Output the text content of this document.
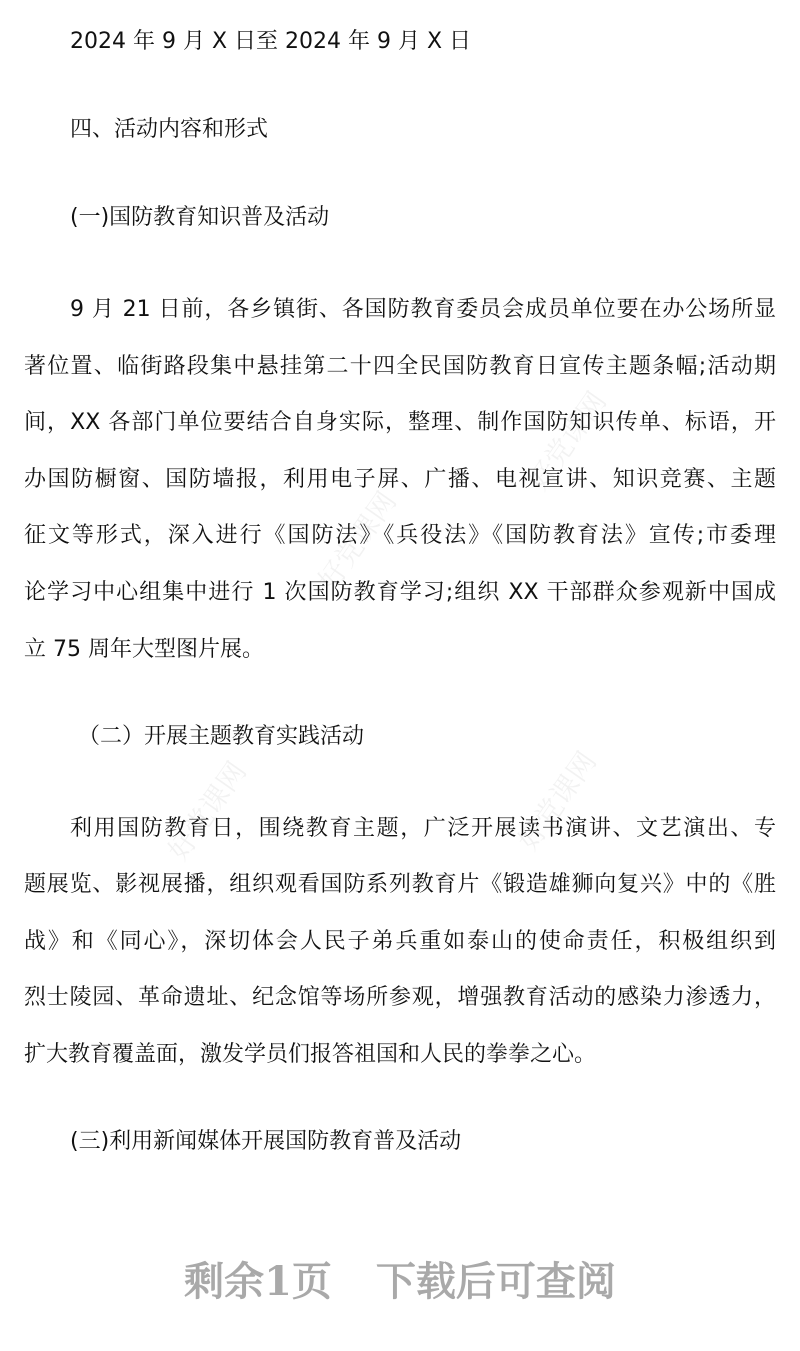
好党课网
好党课网
好党课网	好党课网
2024 年 9 月 X 日至 2024 年 9 月 X 日
四、活动内容和形式
(一)国防教育知识普及活动
9 月 21 日前，各乡镇街、各国防教育委员会成员单位要在办公场所显
著位置、临街路段集中悬挂第二十四全民国防教育日宣传主题条幅;活动期
间，XX 各部门单位要结合自身实际，整理、制作国防知识传单、标语，开
办国防橱窗、国防墙报，利用电子屏、广播、电视宣讲、知识竞赛、主题
征文等形式，深入进行《国防法》《兵役法》《国防教育法》宣传;市委理
论学习中心组集中进行 1 次国防教育学习;组织 XX 干部群众参观新中国成
立 75 周年大型图片展。
（二）开展主题教育实践活动
利用国防教育日，围绕教育主题，广泛开展读书演讲、文艺演出、专
题展览、影视展播，组织观看国防系列教育片《锻造雄狮向复兴》中的《胜
战》和《同心》，深切体会人民子弟兵重如泰山的使命责任，积极组织到
烈士陵园、革命遗址、纪念馆等场所参观，增强教育活动的感染力渗透力，
扩大教育覆盖面，激发学员们报答祖国和人民的拳拳之心。
(三)利用新闻媒体开展国防教育普及活动
剩余1页 下载后可查阅
